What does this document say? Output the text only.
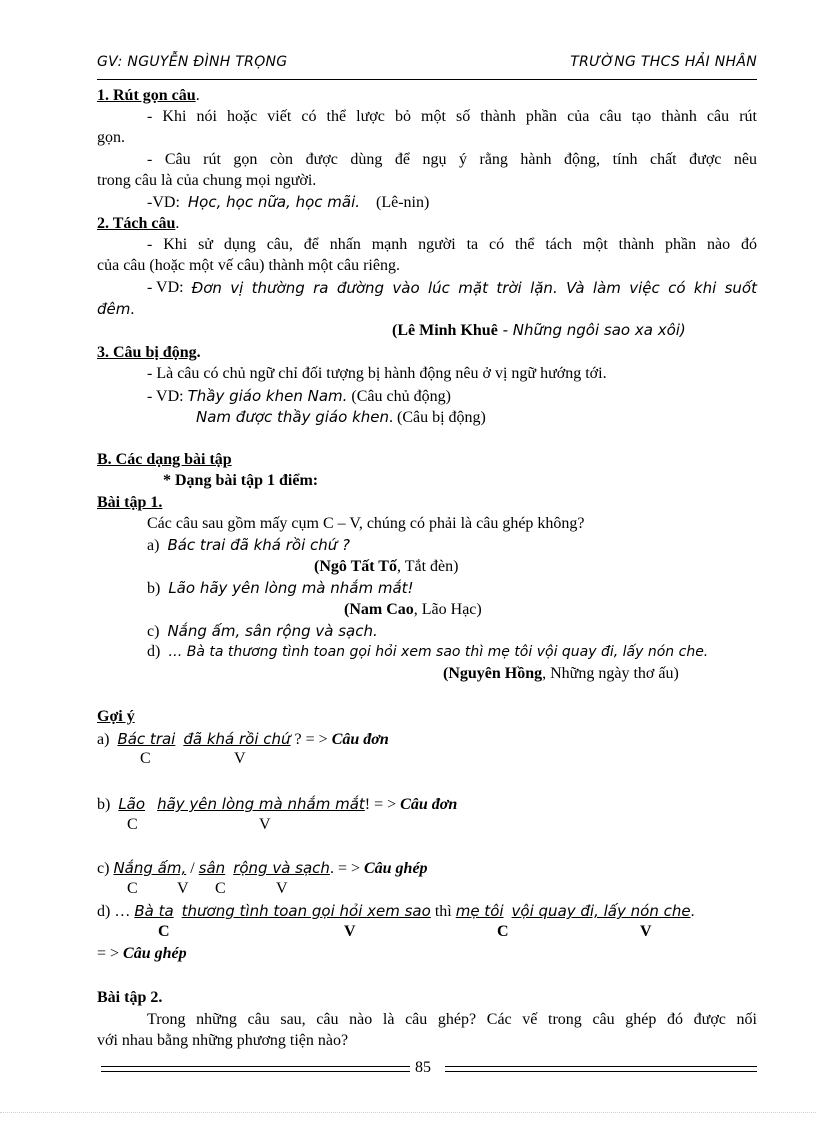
GV: NGUYỄN ĐÌNH TRỌNG	TRƯỜNG THCS HẢI NHÂN
1. Rút gọn câu.
- Khi nói hoặc viết có thể lược bỏ một số thành phần của câu tạo thành câu rút
gọn.
- Câu rút gọn còn được dùng để ngụ ý rằng hành động, tính chất được nêu
trong câu là của chung mọi người.
-VD: Học, học nữa, học mãi. (Lê-nin)
2. Tách câu.
- Khi sử dụng câu, để nhấn mạnh người ta có thể tách một thành phần nào đó
của câu (hoặc một vế câu) thành một câu riêng.
- VD: Đơn vị thường ra đường vào lúc mặt trời lặn. Và làm việc có khi suốt
đêm.
(Lê Minh Khuê - Những ngôi sao xa xôi)
3. Câu bị động.
- Là câu có chủ ngữ chỉ đối tượng bị hành động nêu ở vị ngữ hướng tới.
- VD: Thầy giáo khen Nam. (Câu chủ động)
Nam được thầy giáo khen. (Câu bị động)
B. Các dạng bài tập
* Dạng bài tập 1 điểm:
Bài tập 1.
Các câu sau gồm mấy cụm C – V, chúng có phải là câu ghép không?
a) Bác trai đã khá rồi chứ ?
(Ngô Tất Tố, Tắt đèn)
b) Lão hãy yên lòng mà nhắm mắt!
(Nam Cao, Lão Hạc)
c) Nắng ấm, sân rộng và sạch.
d) … Bà ta thương tình toan gọi hỏi xem sao thì mẹ tôi vội quay đi, lấy nón che.
(Nguyên Hồng, Những ngày thơ ấu)
Gợi ý
a) Bác trai đã khá rồi chứ ? = > Câu đơn
C	V
b) Lão hãy yên lòng mà nhắm mắt! = > Câu đơn
C	V
c) Nắng ấm, / sân rộng và sạch. = > Câu ghép
C V C	V
d) … Bà ta thương tình toan gọi hỏi xem sao thì mẹ tôi vội quay đi, lấy nón che.
C	V	C	V
= > Câu ghép
Bài tập 2.
Trong những câu sau, câu nào là câu ghép? Các vế trong câu ghép đó được nối
với nhau bằng những phương tiện nào?
85
